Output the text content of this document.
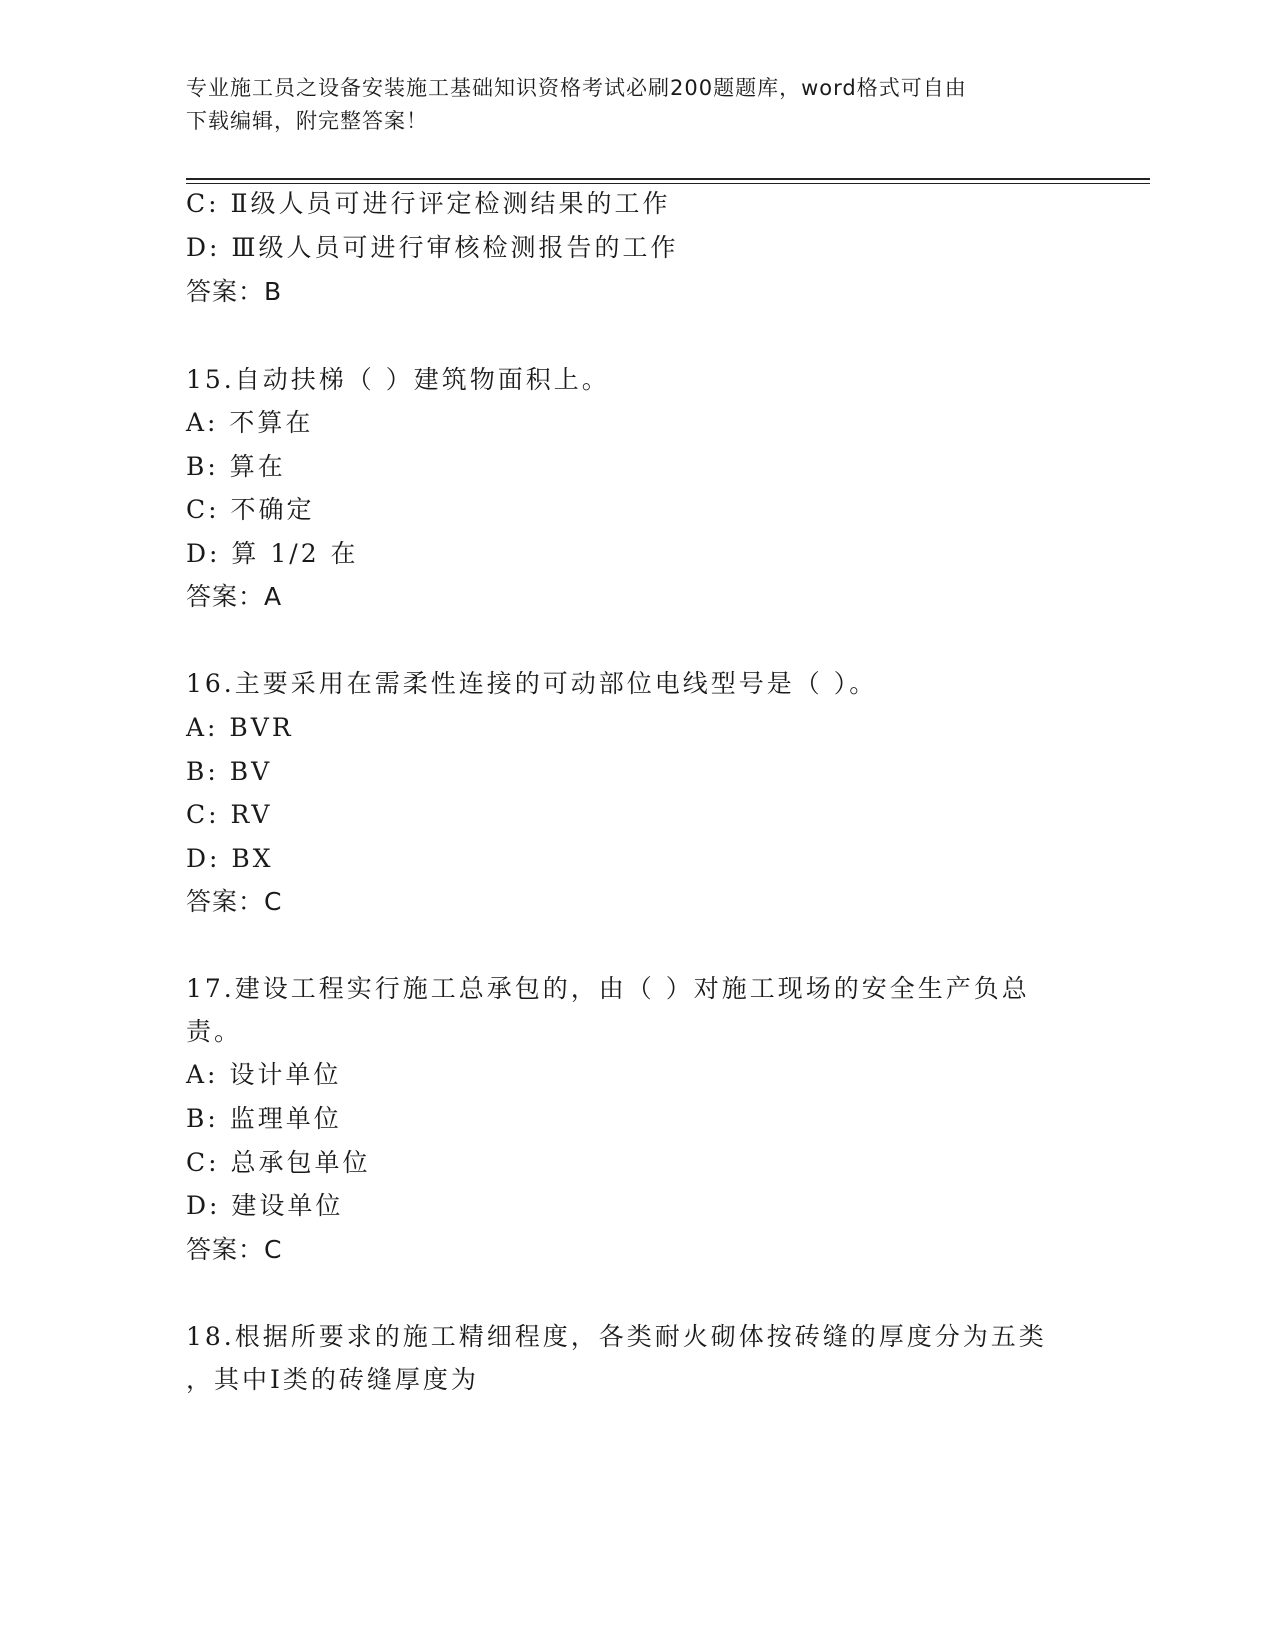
专业施工员之设备安装施工基础知识资格考试必刷200题题库，word格式可自由
下载编辑，附完整答案！
C: Ⅱ级人员可进行评定检测结果的工作
D: Ⅲ级人员可进行审核检测报告的工作
答案：B
15.自动扶梯（ ）建筑物面积上。
A: 不算在
B: 算在
C: 不确定
D: 算 1/2 在
答案：A
16.主要采用在需柔性连接的可动部位电线型号是（ ）。
A: BVR
B: BV
C: RV
D: BX
答案：C
17.建设工程实行施工总承包的，由（ ）对施工现场的安全生产负总
责。
A: 设计单位
B: 监理单位
C: 总承包单位
D: 建设单位
答案：C
18.根据所要求的施工精细程度，各类耐火砌体按砖缝的厚度分为五类
，其中Ⅰ类的砖缝厚度为
